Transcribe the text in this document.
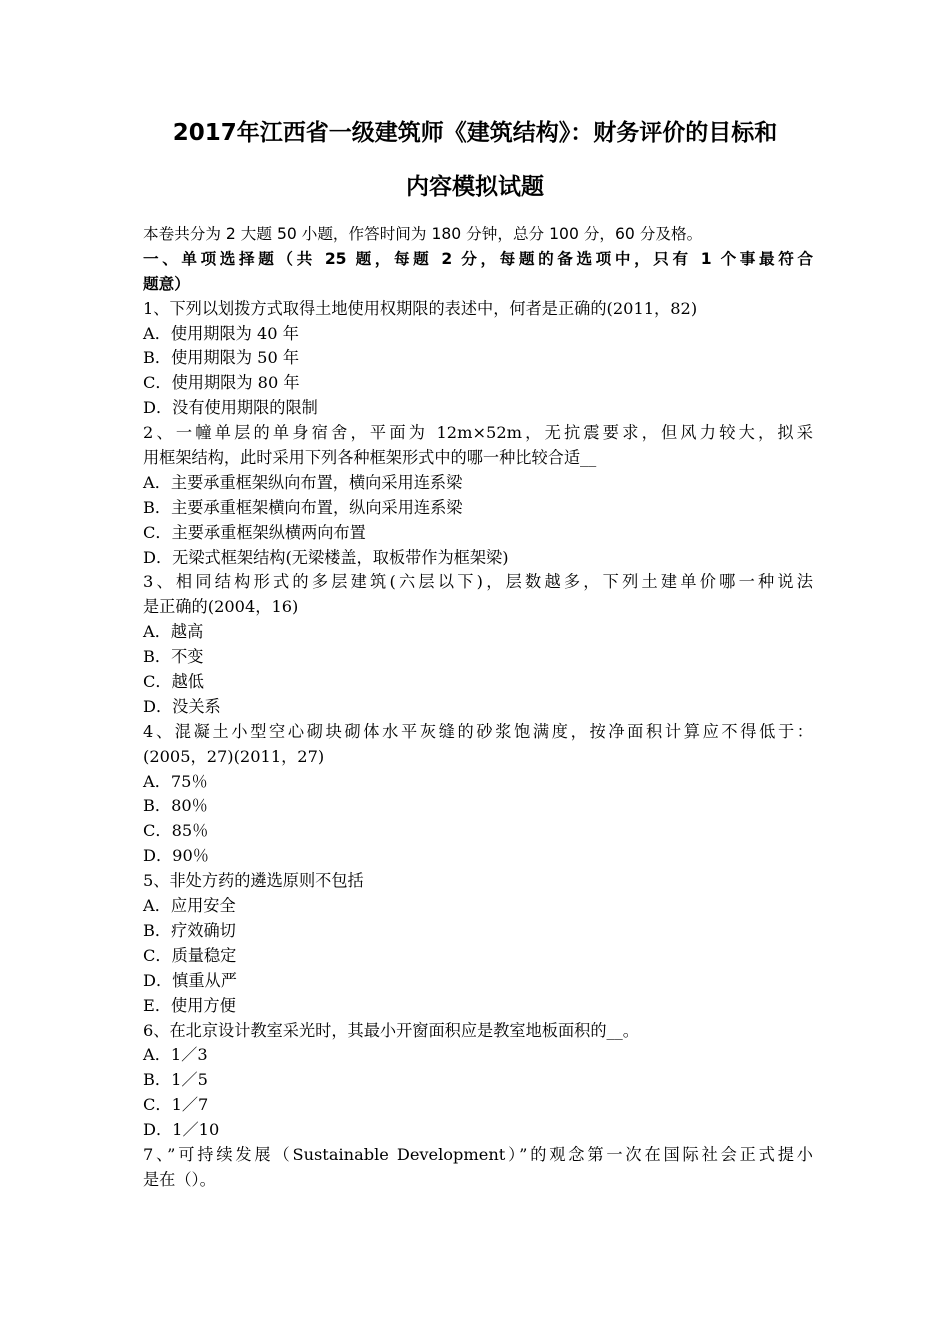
2017年江西省一级建筑师《建筑结构》：财务评价的目标和
内容模拟试题
本卷共分为 2 大题 50 小题，作答时间为 180 分钟，总分 100 分，60 分及格。
一、单项选择题（共 25 题，每题 2 分，每题的备选项中，只有 1 个事最符合
题意）
1、下列以划拨方式取得土地使用权期限的表述中，何者是正确的(2011，82)
A．使用期限为 40 年
B．使用期限为 50 年
C．使用期限为 80 年
D．没有使用期限的限制
2、一幢单层的单身宿舍，平面为 12m×52m，无抗震要求，但风力较大，拟采
用框架结构，此时采用下列各种框架形式中的哪一种比较合适__
A．主要承重框架纵向布置，横向采用连系梁
B．主要承重框架横向布置，纵向采用连系梁
C．主要承重框架纵横两向布置
D．无梁式框架结构(无梁楼盖，取板带作为框架梁)
3、相同结构形式的多层建筑(六层以下)，层数越多，下列土建单价哪一种说法
是正确的(2004，16)
A．越高
B．不变
C．越低
D．没关系
4、混凝土小型空心砌块砌体水平灰缝的砂浆饱满度，按净面积计算应不得低于：
(2005，27)(2011，27)
A．75％
B．80％
C．85％
D．90％
5、非处方药的遴选原则不包括
A．应用安全
B．疗效确切
C．质量稳定
D．慎重从严
E．使用方便
6、在北京设计教室采光时，其最小开窗面积应是教室地板面积的__。
A．1／3
B．1／5
C．1／7
D．1／10
7、”可持续发展（Sustainable Development）”的观念第一次在国际社会正式提小
是在（）。
